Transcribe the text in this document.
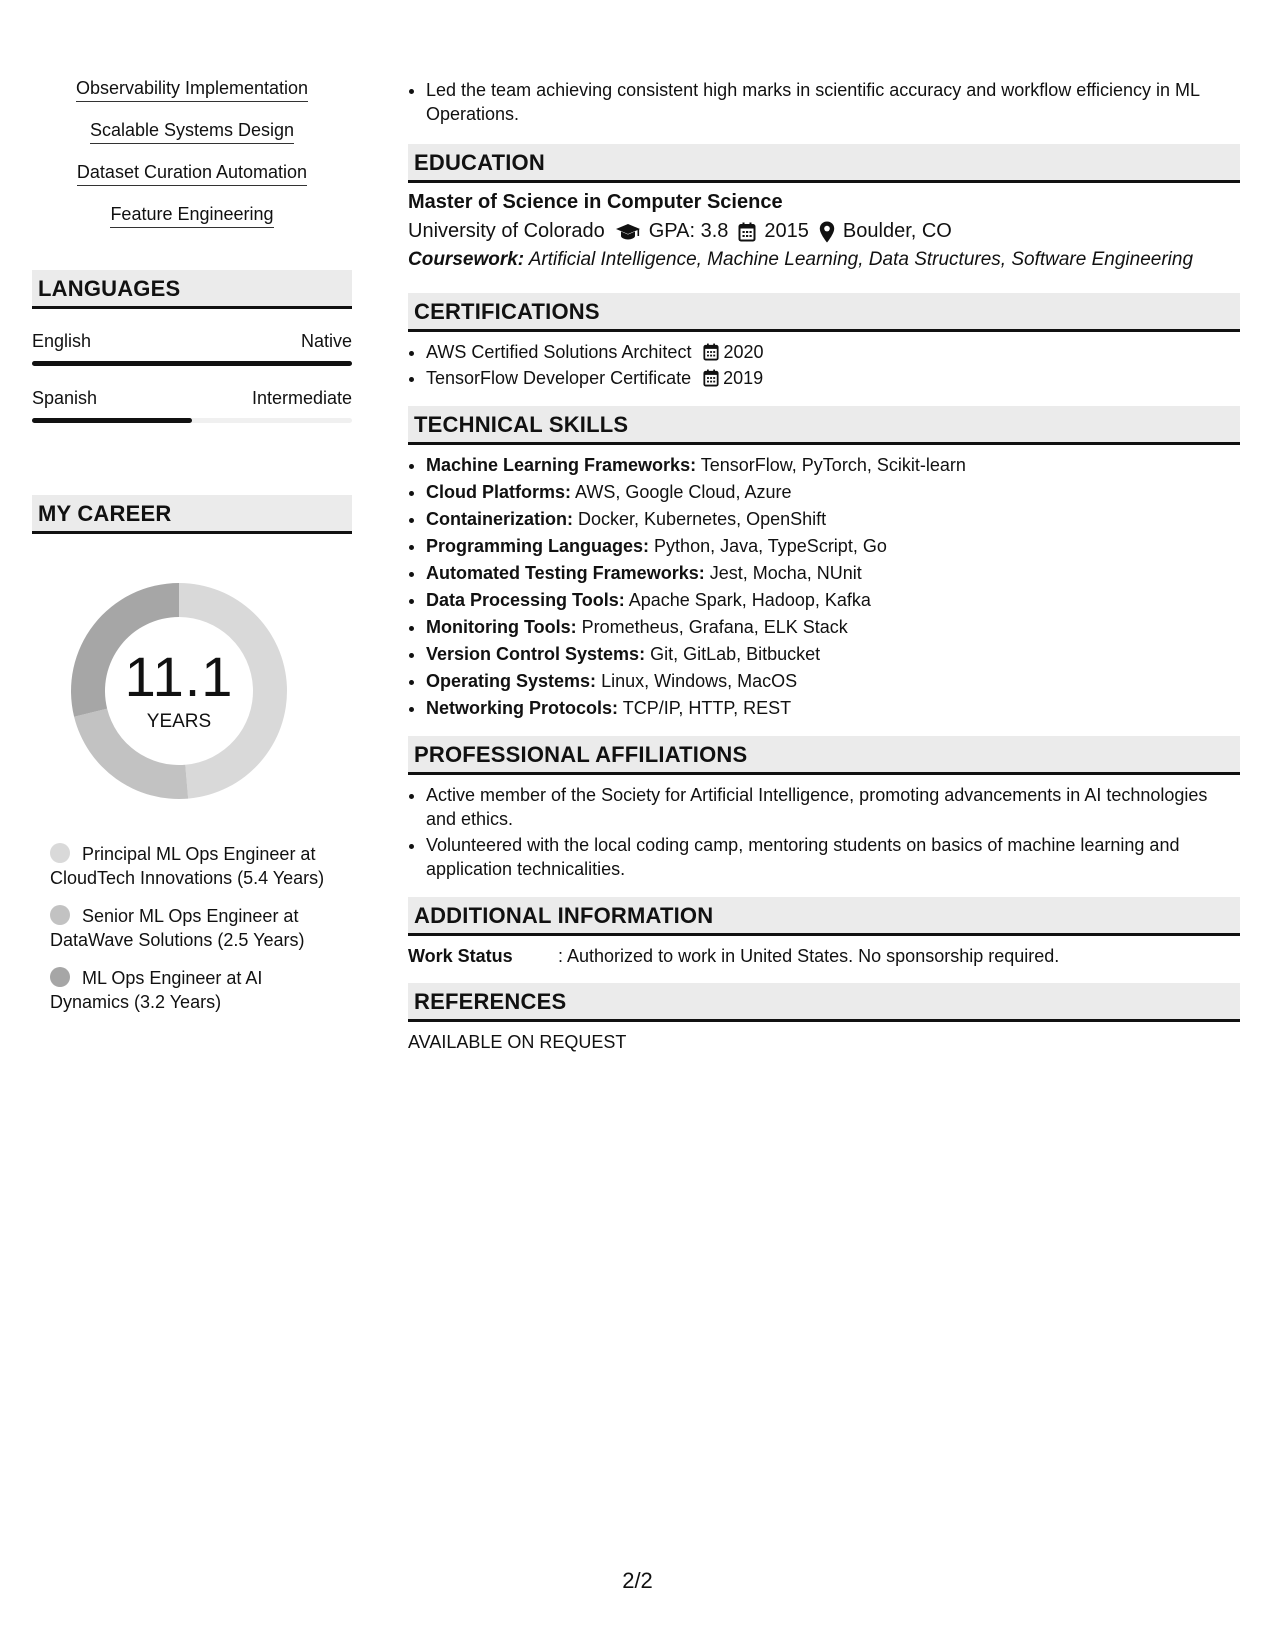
Observability Implementation
Scalable Systems Design
Dataset Curation Automation
Feature Engineering
LANGUAGES
English	Native
Spanish	Intermediate
MY CAREER
11.1
YEARS
Principal ML Ops Engineer at CloudTech Innovations (5.4 Years)
Senior ML Ops Engineer at DataWave Solutions (2.5 Years)
ML Ops Engineer at AI Dynamics (3.2 Years)
• Led the team achieving consistent high marks in scientific accuracy and workflow efficiency in ML Operations.
EDUCATION
Master of Science in Computer Science
University of Colorado GPA: 3.8 2015 Boulder, CO
Coursework: Artificial Intelligence, Machine Learning, Data Structures, Software Engineering
CERTIFICATIONS
• AWS Certified Solutions Architect 2020
• TensorFlow Developer Certificate 2019
TECHNICAL SKILLS
• Machine Learning Frameworks: TensorFlow, PyTorch, Scikit-learn
• Cloud Platforms: AWS, Google Cloud, Azure
• Containerization: Docker, Kubernetes, OpenShift
• Programming Languages: Python, Java, TypeScript, Go
• Automated Testing Frameworks: Jest, Mocha, NUnit
• Data Processing Tools: Apache Spark, Hadoop, Kafka
• Monitoring Tools: Prometheus, Grafana, ELK Stack
• Version Control Systems: Git, GitLab, Bitbucket
• Operating Systems: Linux, Windows, MacOS
• Networking Protocols: TCP/IP, HTTP, REST
PROFESSIONAL AFFILIATIONS
• Active member of the Society for Artificial Intelligence, promoting advancements in AI technologies and ethics.
• Volunteered with the local coding camp, mentoring students on basics of machine learning and application technicalities.
ADDITIONAL INFORMATION
Work Status	: Authorized to work in United States. No sponsorship required.
REFERENCES
AVAILABLE ON REQUEST
2/2
